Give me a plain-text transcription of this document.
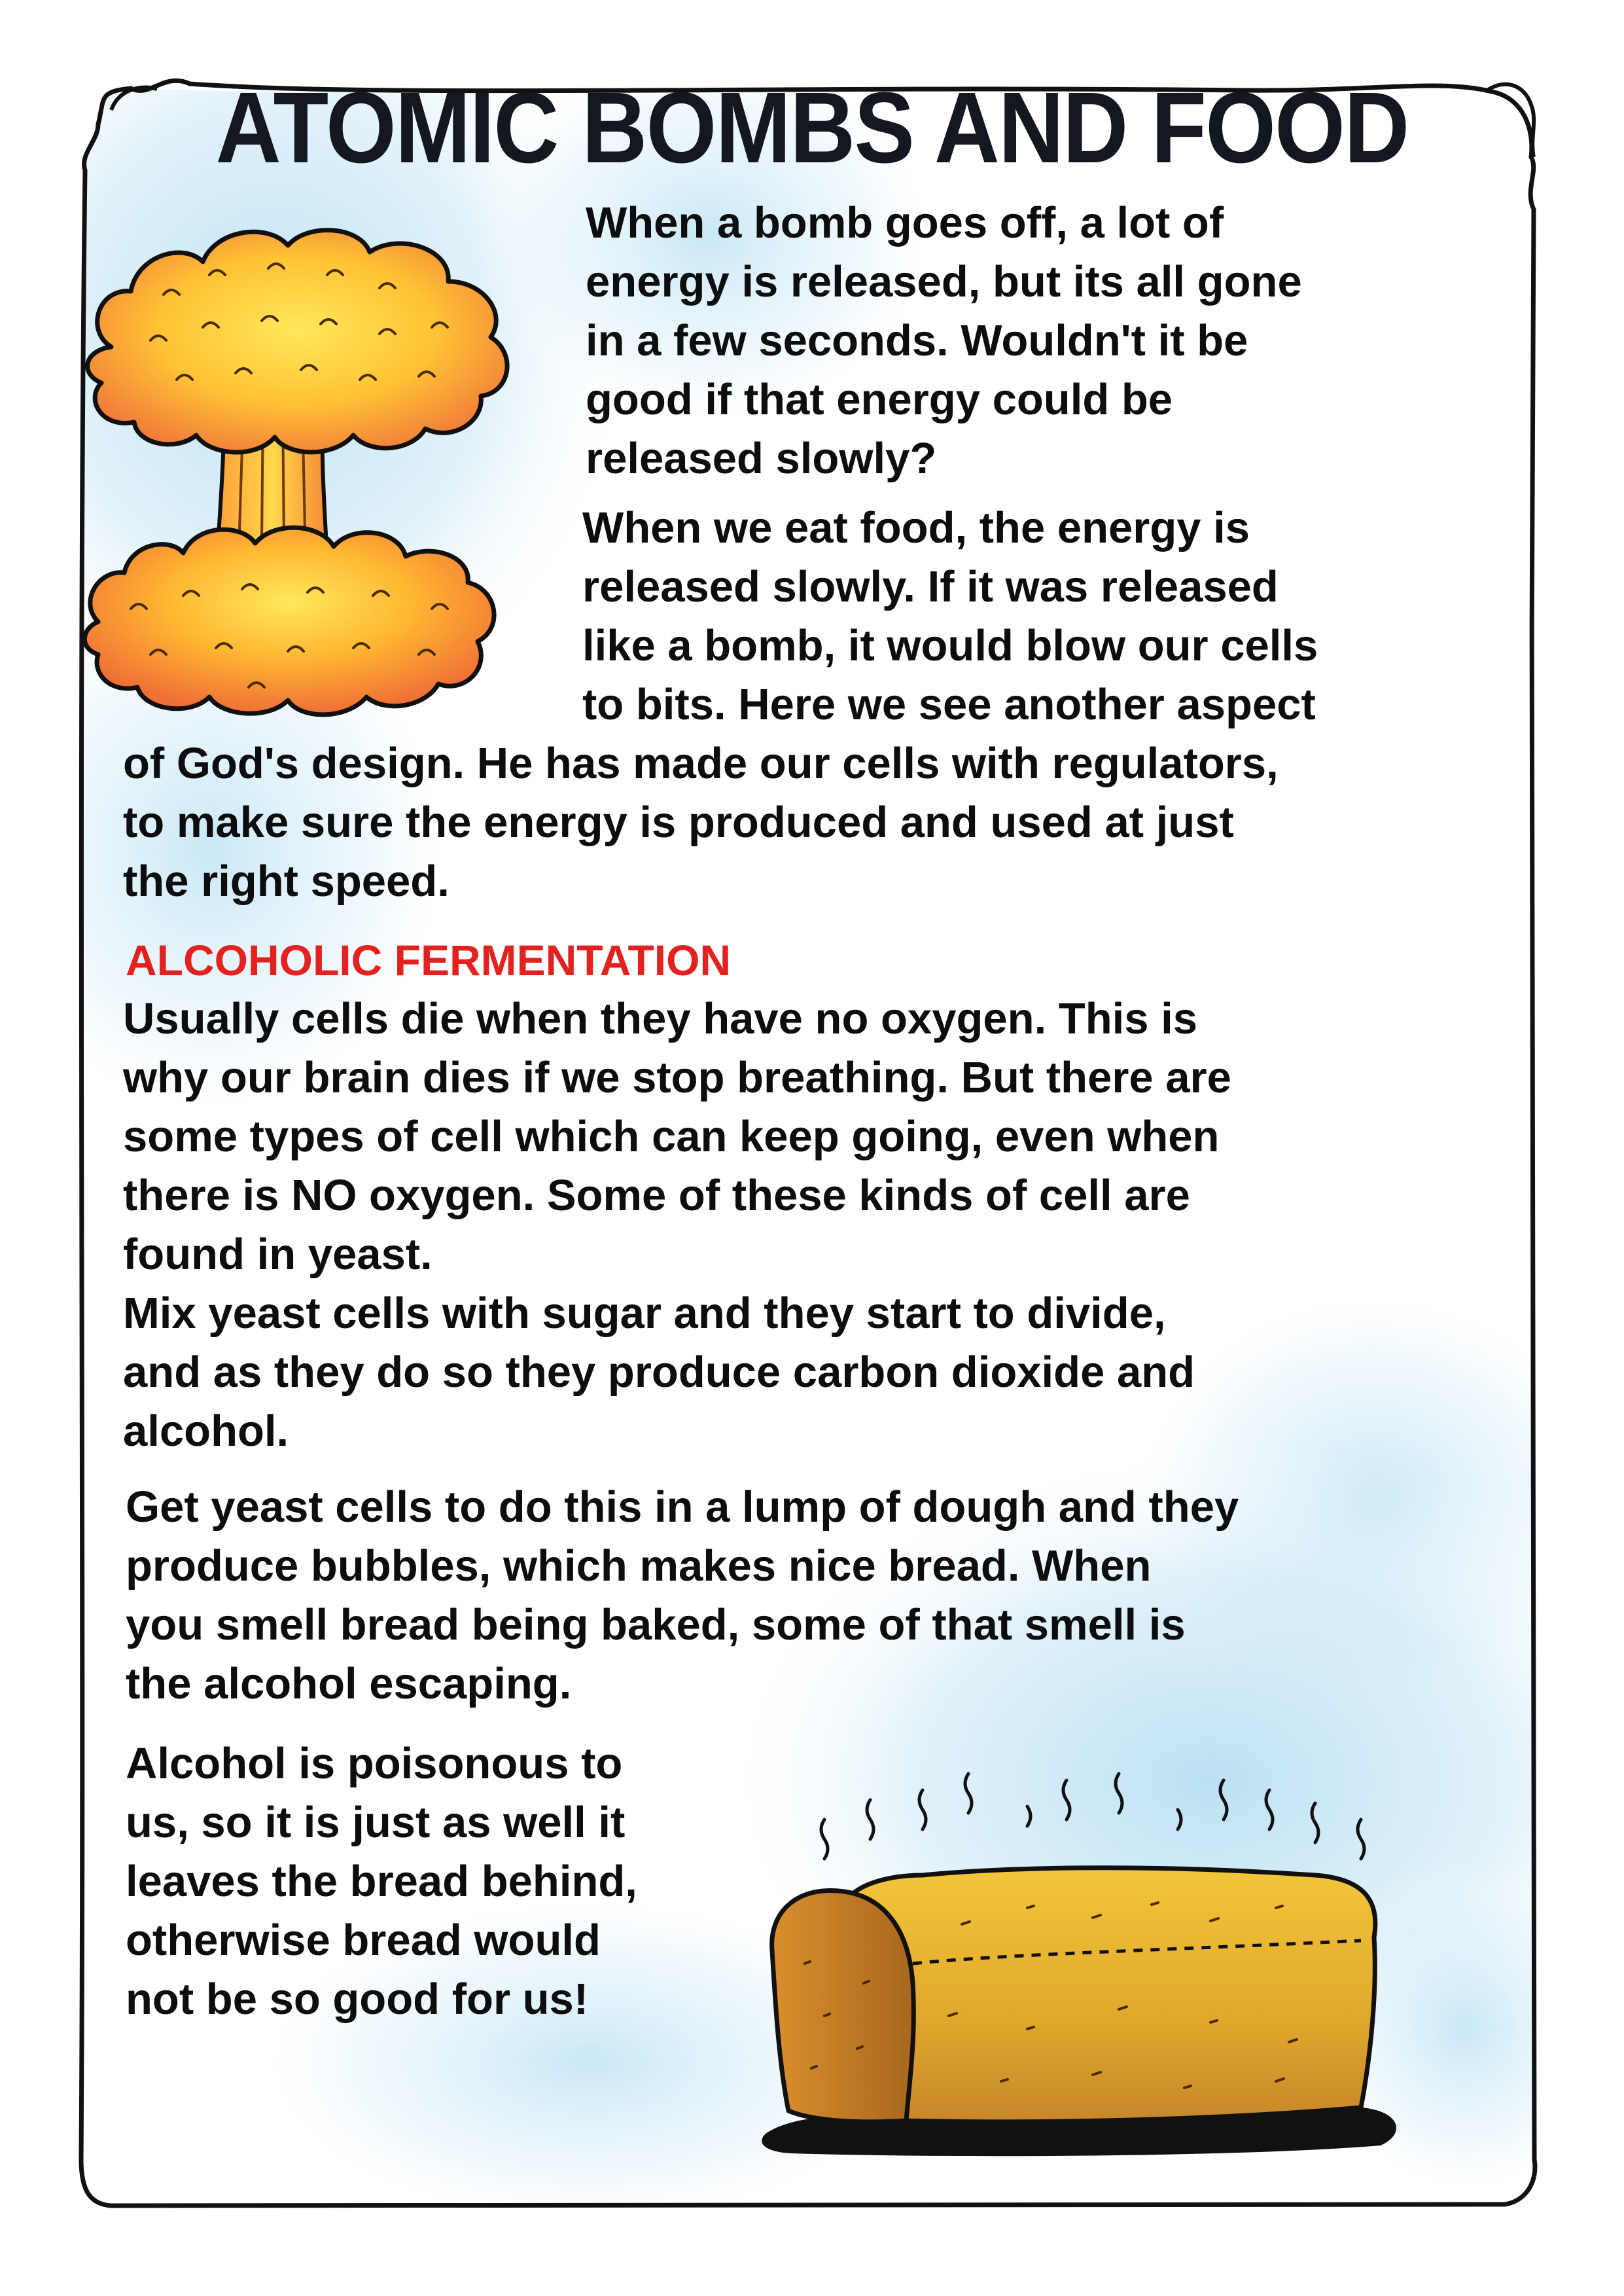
ATOMIC BOMBS AND FOOD
When a bomb goes off, a lot of
energy is released, but its all gone
in a few seconds. Wouldn't it be
good if that energy could be
released slowly?
When we eat food, the energy is
released slowly. If it was released
like a bomb, it would blow our cells
to bits. Here we see another aspect
of God's design. He has made our cells with regulators,
to make sure the energy is produced and used at just
the right speed.
ALCOHOLIC FERMENTATION
Usually cells die when they have no oxygen. This is
why our brain dies if we stop breathing. But there are
some types of cell which can keep going, even when
there is NO oxygen. Some of these kinds of cell are
found in yeast.
Mix yeast cells with sugar and they start to divide,
and as they do so they produce carbon dioxide and
alcohol.
Get yeast cells to do this in a lump of dough and they
produce bubbles, which makes nice bread. When
you smell bread being baked, some of that smell is
the alcohol escaping.
Alcohol is poisonous to
us, so it is just as well it
leaves the bread behind,
otherwise bread would
not be so good for us!
